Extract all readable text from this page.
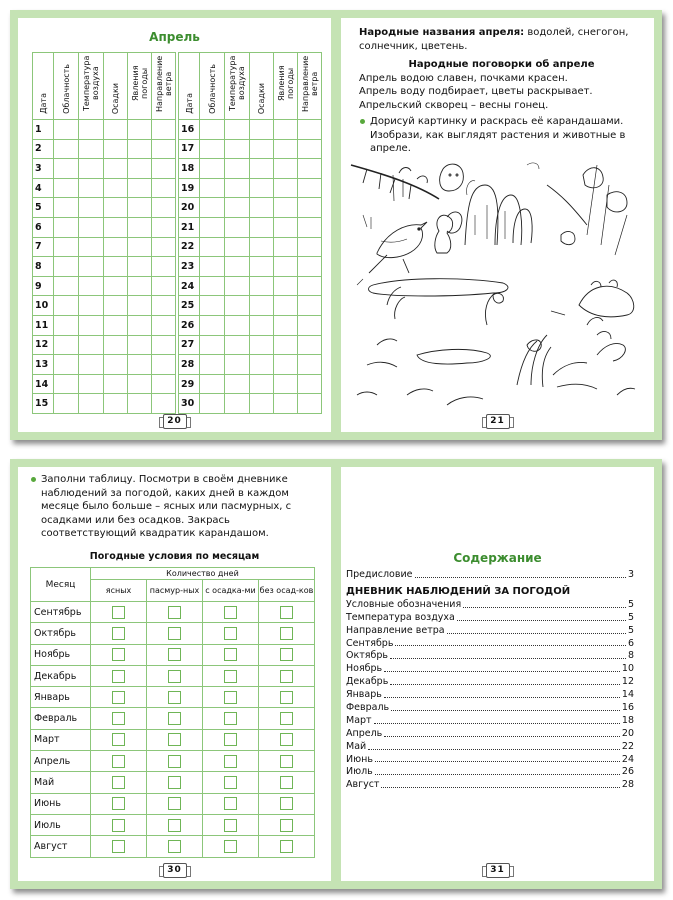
Апрель
Дата	Облачность	Температура воздуха	Осадки	Явления погоды	Направление ветра
1					
2					
3					
4					
5					
6					
7					
8					
9					
10					
11					
12					
13					
14					
15					
Дата	Облачность	Температура воздуха	Осадки	Явления погоды	Направление ветра
16					
17					
18					
19					
20					
21					
22					
23					
24					
25					
26					
27					
28					
29					
30					
20

Народные названия апреля: водолей, снегогон, солнечник, цветень.

Народные поговорки об апреле

Апрель водою славен, почками красен.

Апрель воду подбирает, цветы раскрывает.

Апрельский скворец – весны гонец.

Дорисуй картинку и раскрась её карандашами. Изобрази, как выглядят растения и животные в апреле.

21

Заполни таблицу. Посмотри в своём дневнике наблюдений за погодой, каких дней в каждом месяце было больше – ясных или пасмурных, с осадками или без осадков. Закрась соответствующий квадратик карандашом.

Погодные условия по месяцам
Месяц	Количество дней			
	ясных	пасмур-ных	с осадка-ми	без осад-ков
Сентябрь				
Октябрь				
Ноябрь				
Декабрь				
Январь				
Февраль				
Март				
Апрель				
Май				
Июнь				
Июль				
Август				
30
Содержание
Предисловие	3
ДНЕВНИК НАБЛЮДЕНИЙ ЗА ПОГОДОЙ
Условные обозначения	5
Температура воздуха	5
Направление ветра	5
Сентябрь	6
Октябрь	8
Ноябрь	10
Декабрь	12
Январь	14
Февраль	16
Март	18
Апрель	20
Май	22
Июнь	24
Июль	26
Август	28
31
